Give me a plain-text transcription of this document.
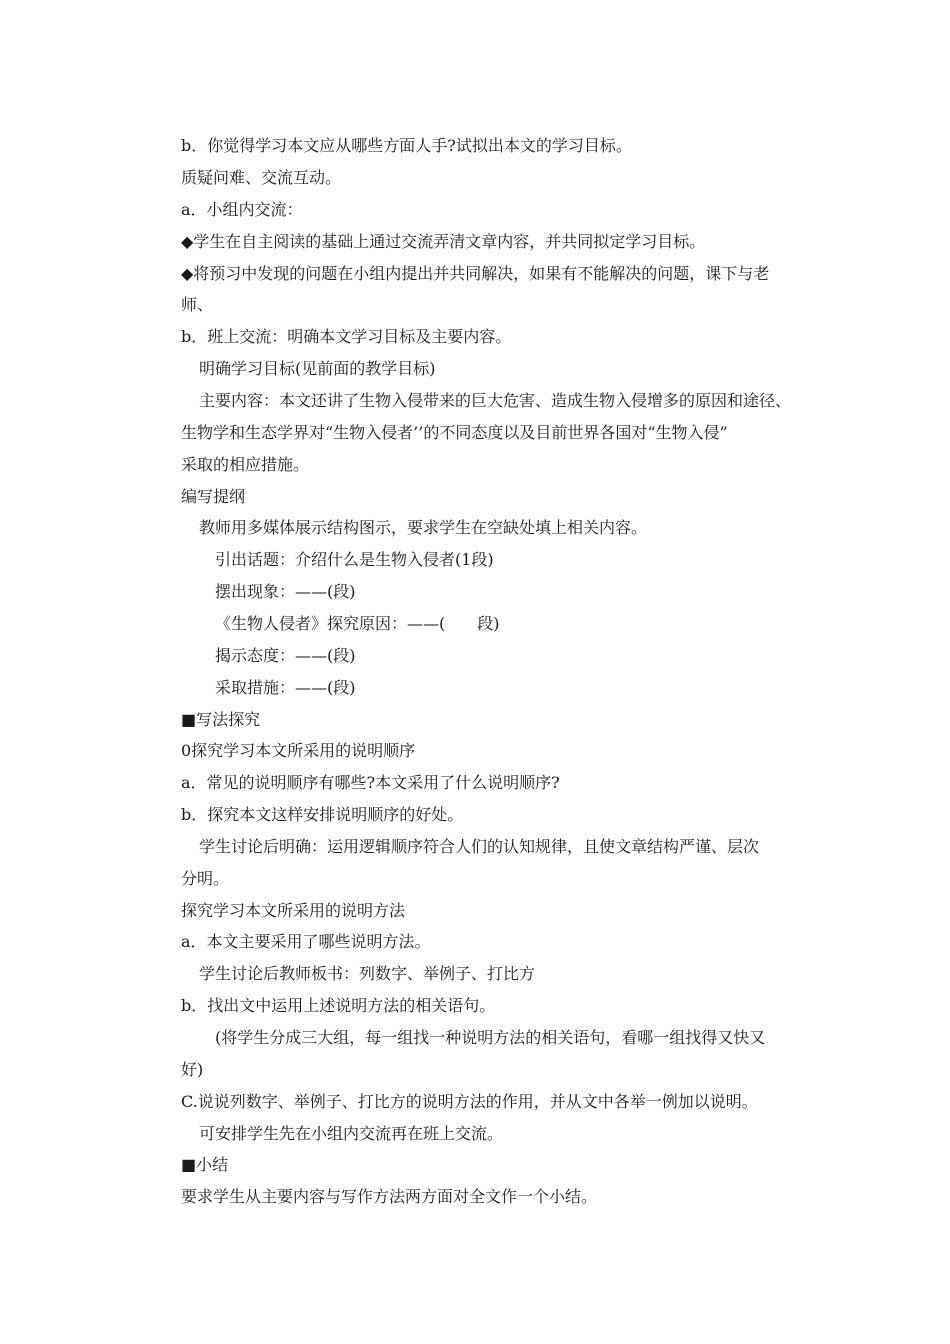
b．你觉得学习本文应从哪些方面人手?试拟出本文的学习目标。
质疑问难、交流互动。
a．小组内交流：
◆学生在自主阅读的基础上通过交流弄清文章内容，并共同拟定学习目标。
◆将预习中发现的问题在小组内提出并共同解决，如果有不能解决的问题，课下与老
师、
b．班上交流：明确本文学习目标及主要内容。
明确学习目标(见前面的教学目标)
主要内容：本文还讲了生物入侵带来的巨大危害、造成生物入侵增多的原因和途径、
生物学和生态学界对“生物入侵者’’的不同态度以及目前世界各国对“生物入侵”
采取的相应措施。
编写提纲
教师用多媒体展示结构图示，要求学生在空缺处填上相关内容。
引出话题：介绍什么是生物入侵者(1段)
摆出现象：——(段)
《生物人侵者》探究原因：——(　　段)
揭示态度：——(段)
采取措施：——(段)
■写法探究
0探究学习本文所采用的说明顺序
a．常见的说明顺序有哪些?本文采用了什么说明顺序?
b．探究本文这样安排说明顺序的好处。
学生讨论后明确：运用逻辑顺序符合人们的认知规律，且使文章结构严谨、层次
分明。
探究学习本文所采用的说明方法
a．本文主要采用了哪些说明方法。
学生讨论后教师板书：列数字、举例子、打比方
b．找出文中运用上述说明方法的相关语句。
(将学生分成三大组，每一组找一种说明方法的相关语句，看哪一组找得又快又
好)
C.说说列数字、举例子、打比方的说明方法的作用，并从文中各举一例加以说明。
可安排学生先在小组内交流再在班上交流。
■小结
要求学生从主要内容与写作方法两方面对全文作一个小结。
